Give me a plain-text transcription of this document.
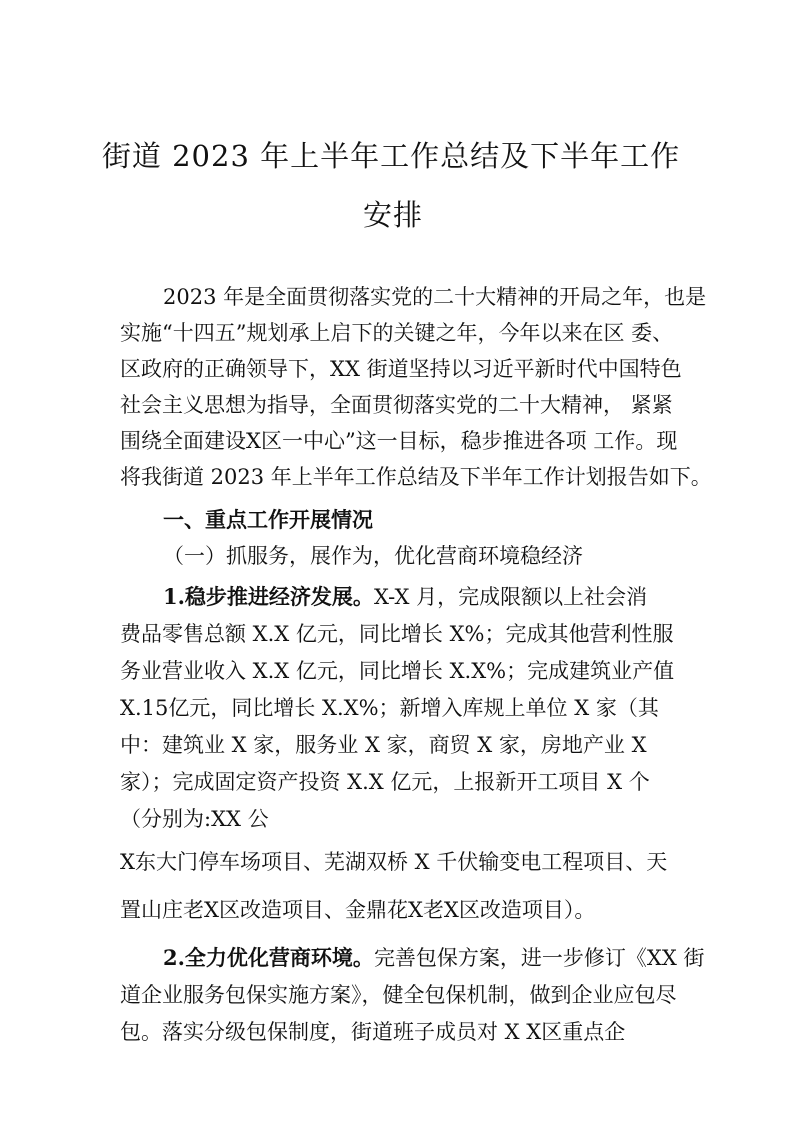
街道 2023 年上半年工作总结及下半年工作
安排
2023 年是全面贯彻落实党的二十大精神的开局之年，也是
实施“十四五”规划承上启下的关键之年，今年以来在区 委、
区政府的正确领导下，XX 街道坚持以习近平新时代中国特色
社会主义思想为指导，全面贯彻落实党的二十大精神， 紧紧
围绕全面建设X区一中心”这一目标，稳步推进各项 工作。现
将我街道 2023 年上半年工作总结及下半年工作计划报告如下。
一、重点工作开展情况
（一）抓服务，展作为，优化营商环境稳经济
1.稳步推进经济发展。X-X 月，完成限额以上社会消
费品零售总额 X.X 亿元，同比增长 X%；完成其他营利性服
务业营业收入 X.X 亿元，同比增长 X.X%；完成建筑业产值
X.15亿元，同比增长 X.X%；新增入库规上单位 X 家（其
中：建筑业 X 家，服务业 X 家，商贸 X 家，房地产业 X
家）；完成固定资产投资 X.X 亿元，上报新开工项目 X 个
（分别为:XX 公
X东大门停车场项目、芜湖双桥 X 千伏输变电工程项目、天
置山庄老X区改造项目、金鼎花X老X区改造项目）。
2.全力优化营商环境。完善包保方案，进一步修订《XX 街
道企业服务包保实施方案》，健全包保机制，做到企业应包尽
包。落实分级包保制度，街道班子成员对 X X区重点企
